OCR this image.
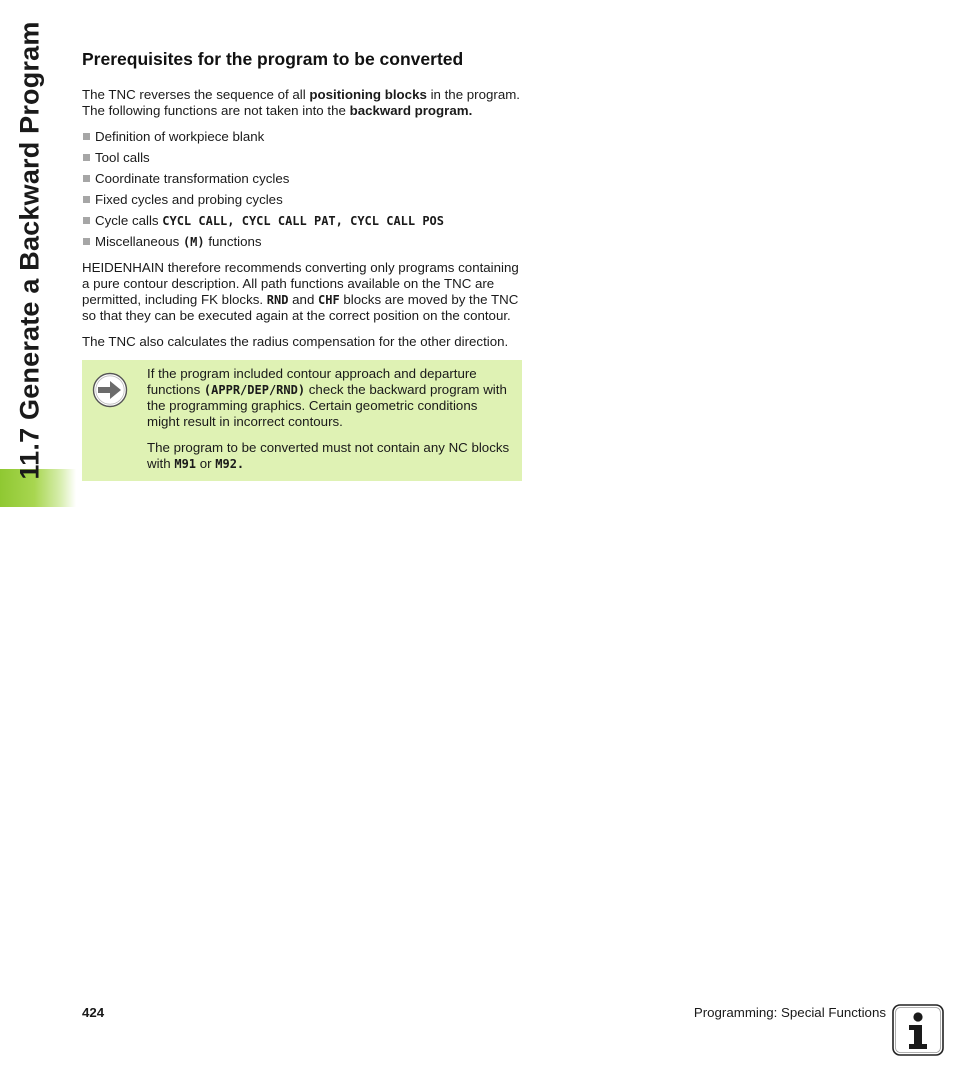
11.7 Generate a Backward Program Prerequisites for the program to be converted

The TNC reverses the sequence of all positioning blocks in the program. The following functions are not taken into the backward program.

Definition of workpiece blank
Tool calls
Coordinate transformation cycles
Fixed cycles and probing cycles
Cycle calls CYCL CALL, CYCL CALL PAT, CYCL CALL POS
Miscellaneous (M) functions

HEIDENHAIN therefore recommends converting only programs containing a pure contour description. All path functions available on the TNC are permitted, including FK blocks. RND and CHF blocks are moved by the TNC so that they can be executed again at the correct position on the contour.

The TNC also calculates the radius compensation for the other direction.

If the program included contour approach and departure functions (APPR/DEP/RND) check the backward program with the programming graphics. Certain geometric conditions might result in incorrect contours.

The program to be converted must not contain any NC blocks with M91 or M92.

424	Programming: Special Functions
